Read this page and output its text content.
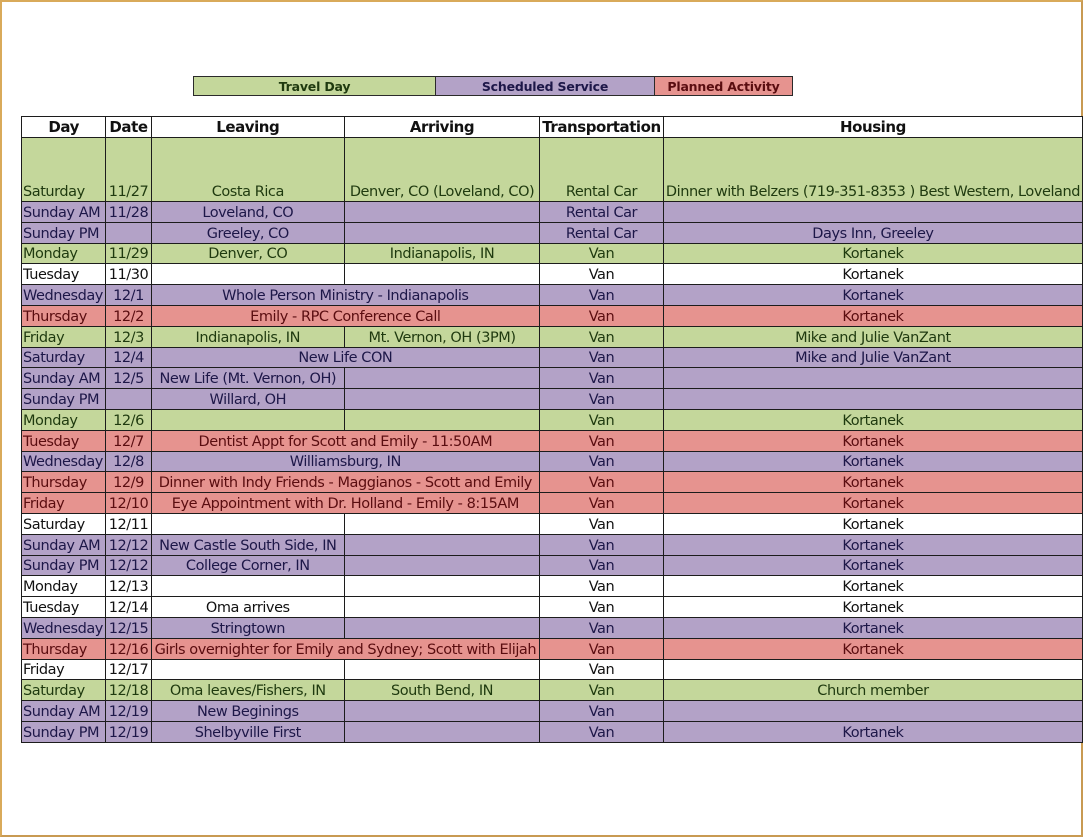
Travel Day	Scheduled Service	Planned Activity
Day	Date	Leaving	Arriving	Transportation	Housing
Saturday	11/27	Costa Rica	Denver, CO (Loveland, CO)	Rental Car	Dinner with Belzers (719-351-8353 ) Best Western, Loveland
Sunday AM	11/28	Loveland, CO		Rental Car	
Sunday PM		Greeley, CO		Rental Car	Days Inn, Greeley
Monday	11/29	Denver, CO	Indianapolis, IN	Van	Kortanek
Tuesday	11/30			Van	Kortanek
Wednesday	12/1	Whole Person Ministry - Indianapolis		Van	Kortanek
Thursday	12/2	Emily - RPC Conference Call		Van	Kortanek
Friday	12/3	Indianapolis, IN	Mt. Vernon, OH (3PM)	Van	Mike and Julie VanZant
Saturday	12/4	New Life CON		Van	Mike and Julie VanZant
Sunday AM	12/5	New Life (Mt. Vernon, OH)		Van	
Sunday PM		Willard, OH		Van	
Monday	12/6			Van	Kortanek
Tuesday	12/7	Dentist Appt for Scott and Emily - 11:50AM		Van	Kortanek
Wednesday	12/8	Williamsburg, IN		Van	Kortanek
Thursday	12/9	Dinner with Indy Friends - Maggianos - Scott and Emily		Van	Kortanek
Friday	12/10	Eye Appointment with Dr. Holland - Emily - 8:15AM		Van	Kortanek
Saturday	12/11			Van	Kortanek
Sunday AM	12/12	New Castle South Side, IN		Van	Kortanek
Sunday PM	12/12	College Corner, IN		Van	Kortanek
Monday	12/13			Van	Kortanek
Tuesday	12/14	Oma arrives		Van	Kortanek
Wednesday	12/15	Stringtown		Van	Kortanek
Thursday	12/16	Girls overnighter for Emily and Sydney; Scott with Elijah		Van	Kortanek
Friday	12/17			Van	
Saturday	12/18	Oma leaves/Fishers, IN	South Bend, IN	Van	Church member
Sunday AM	12/19	New Beginings		Van	
Sunday PM	12/19	Shelbyville First		Van	Kortanek
